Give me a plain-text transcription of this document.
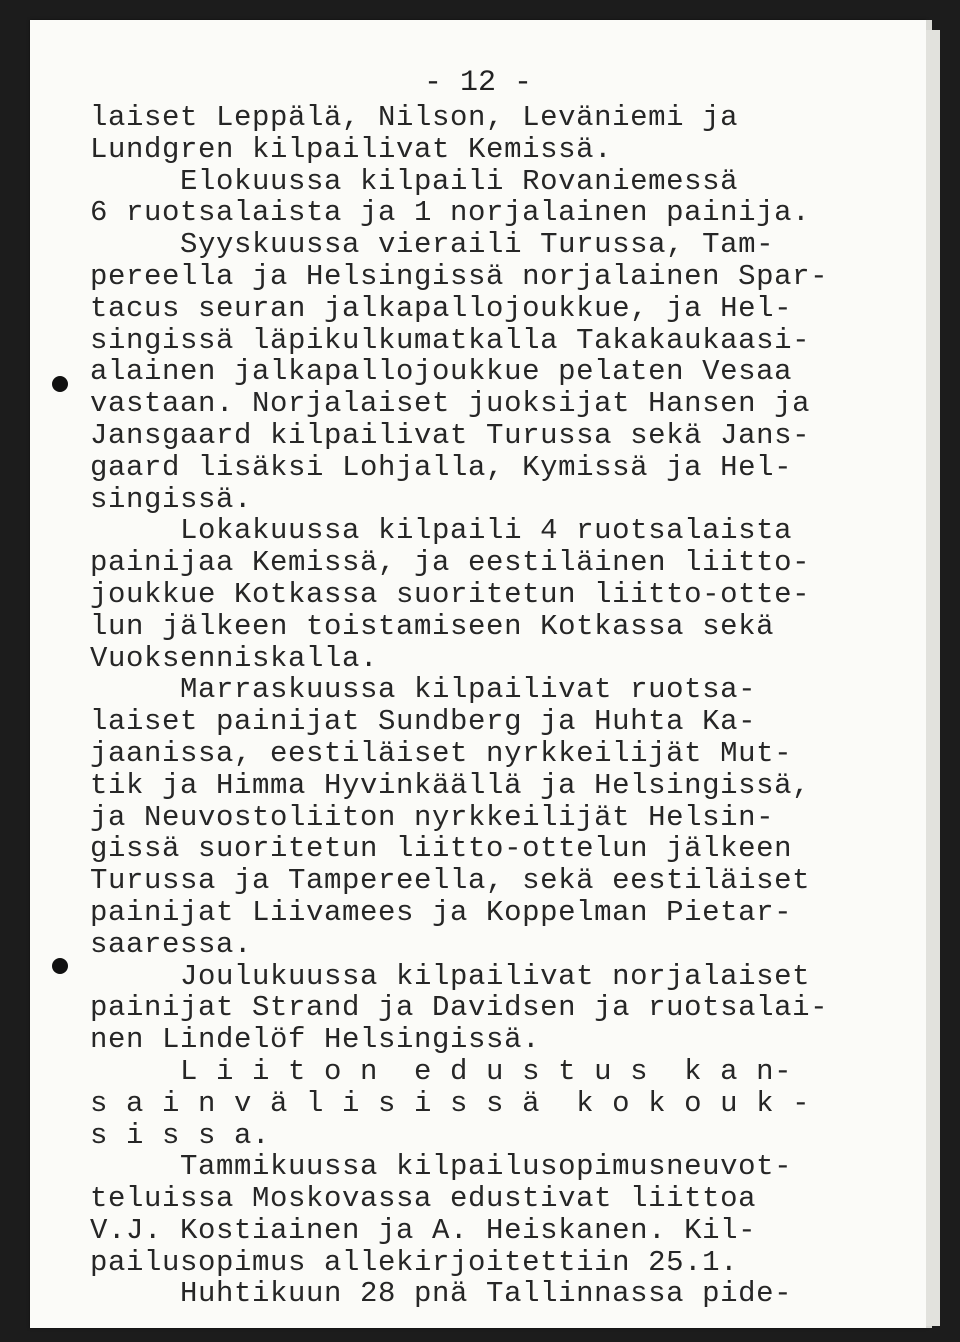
- 12 -
laiset Leppälä, Nilson, Leväniemi ja
Lundgren kilpailivat Kemissä.
Elokuussa kilpaili Rovaniemessä
6 ruotsalaista ja 1 norjalainen painija.
Syyskuussa vieraili Turussa, Tam-
pereella ja Helsingissä norjalainen Spar-
tacus seuran jalkapallojoukkue, ja Hel-
singissä läpikulkumatkalla Takakaukaasi-
alainen jalkapallojoukkue pelaten Vesaa
vastaan. Norjalaiset juoksijat Hansen ja
Jansgaard kilpailivat Turussa sekä Jans-
gaard lisäksi Lohjalla, Kymissä ja Hel-
singissä.
Lokakuussa kilpaili 4 ruotsalaista
painijaa Kemissä, ja eestiläinen liitto-
joukkue Kotkassa suoritetun liitto-otte-
lun jälkeen toistamiseen Kotkassa sekä
Vuoksenniskalla.
Marraskuussa kilpailivat ruotsa-
laiset painijat Sundberg ja Huhta Ka-
jaanissa, eestiläiset nyrkkeilijät Mut-
tik ja Himma Hyvinkäällä ja Helsingissä,
ja Neuvostoliiton nyrkkeilijät Helsin-
gissä suoritetun liitto-ottelun jälkeen
Turussa ja Tampereella, sekä eestiläiset
painijat Liivamees ja Koppelman Pietar-
saaressa.
Joulukuussa kilpailivat norjalaiset
painijat Strand ja Davidsen ja ruotsalai-
nen Lindelöf Helsingissä.
L i i t o n  e d u s t u s  k a n-
s a i n v ä l i s i s s ä  k o k o u k -
s i s s a.
Tammikuussa kilpailusopimusneuvot-
teluissa Moskovassa edustivat liittoa
V.J. Kostiainen ja A. Heiskanen. Kil-
pailusopimus allekirjoitettiin 25.1.
Huhtikuun 28 pnä Tallinnassa pide-
